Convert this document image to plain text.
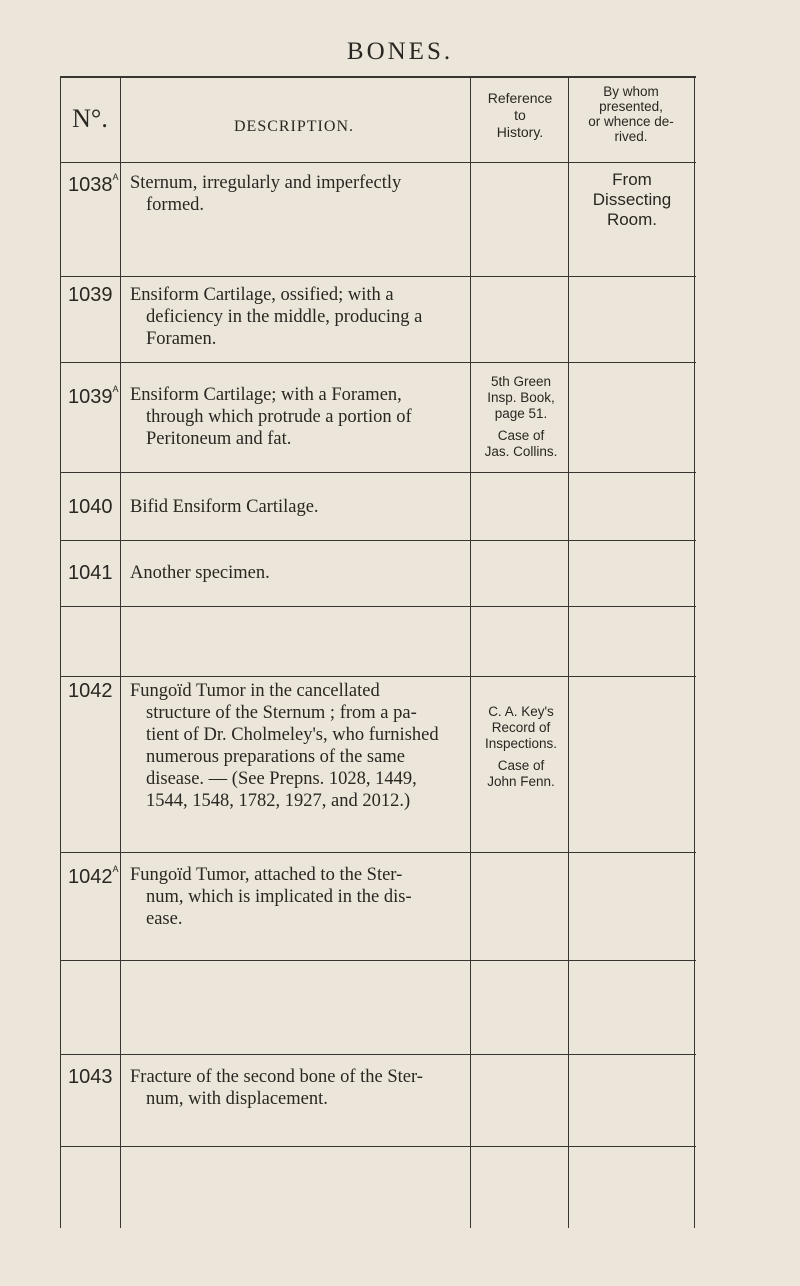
BONES.
N°.	DESCRIPTION.
Reference
to
History.
By whom
presented,
or whence de-
rived.
$1038^A$ Sternum, irregularly and imperfectly
formed.
From
Dissecting
Room.
1039 Ensiform Cartilage, ossified; with a
deficiency in the middle, producing a
Foramen.
$1039^A$ Ensiform Cartilage; with a Foramen,
through which protrude a portion of
Peritoneum and fat.
5th Green
Insp. Book,
page 51.
Case of
Jas. Collins.
1040 Bifid Ensiform Cartilage.
1041 Another specimen.
1042 Fungoïd Tumor in the cancellated
structure of the Sternum ; from a pa-
tient of Dr. Cholmeley's, who furnished
numerous preparations of the same
disease. — (See Prepns. 1028, 1449,
1544, 1548, 1782, 1927, and 2012.)
C. A. Key's
Record of
Inspections.
Case of
John Fenn.
$1042^A$ Fungoïd Tumor, attached to the Ster-
num, which is implicated in the dis-
ease.
1043 Fracture of the second bone of the Ster-
num, with displacement.
